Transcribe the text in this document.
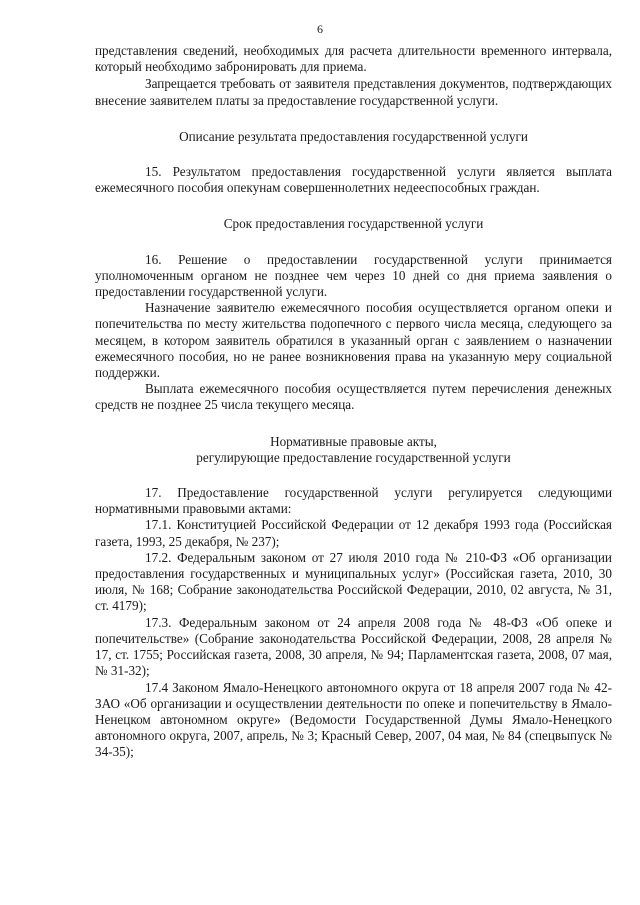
6

представления сведений, необходимых для расчета длительности временного интервала, который необходимо забронировать для приема.

Запрещается требовать от заявителя представления документов, подтверждающих внесение заявителем платы за предоставление государственной услуги.

Описание результата предоставления государственной услуги

15. Результатом предоставления государственной услуги является выплата ежемесячного пособия опекунам совершеннолетних недееспособных граждан.

Срок предоставления государственной услуги

16. Решение о предоставлении государственной услуги принимается уполномоченным органом не позднее чем через 10 дней со дня приема заявления о предоставлении государственной услуги.

Назначение заявителю ежемесячного пособия осуществляется органом опеки и попечительства по месту жительства подопечного с первого числа месяца, следующего за месяцем, в котором заявитель обратился в указанный орган с заявлением о назначении ежемесячного пособия, но не ранее возникновения права на указанную меру социальной поддержки.

Выплата ежемесячного пособия осуществляется путем перечисления денежных средств не позднее 25 числа текущего месяца.

Нормативные правовые акты,
регулирующие предоставление государственной услуги

17. Предоставление государственной услуги регулируется следующими нормативными правовыми актами:

17.1. Конституцией Российской Федерации от 12 декабря 1993 года (Российская газета, 1993, 25 декабря, № 237);

17.2. Федеральным законом от 27 июля 2010 года № 210-ФЗ «Об организации предоставления государственных и муниципальных услуг» (Российская газета, 2010, 30 июля, № 168; Собрание законодательства Российской Федерации, 2010, 02 августа, № 31, ст. 4179);

17.3. Федеральным законом от 24 апреля 2008 года № 48-ФЗ «Об опеке и попечительстве» (Собрание законодательства Российской Федерации, 2008, 28 апреля № 17, ст. 1755; Российская газета, 2008, 30 апреля, № 94; Парламентская газета, 2008, 07 мая, № 31-32);

17.4 Законом Ямало-Ненецкого автономного округа от 18 апреля 2007 года № 42-ЗАО «Об организации и осуществлении деятельности по опеке и попечительству в Ямало-Ненецком автономном округе» (Ведомости Государственной Думы Ямало-Ненецкого автономного округа, 2007, апрель, № 3; Красный Север, 2007, 04 мая, № 84 (спецвыпуск № 34-35);
